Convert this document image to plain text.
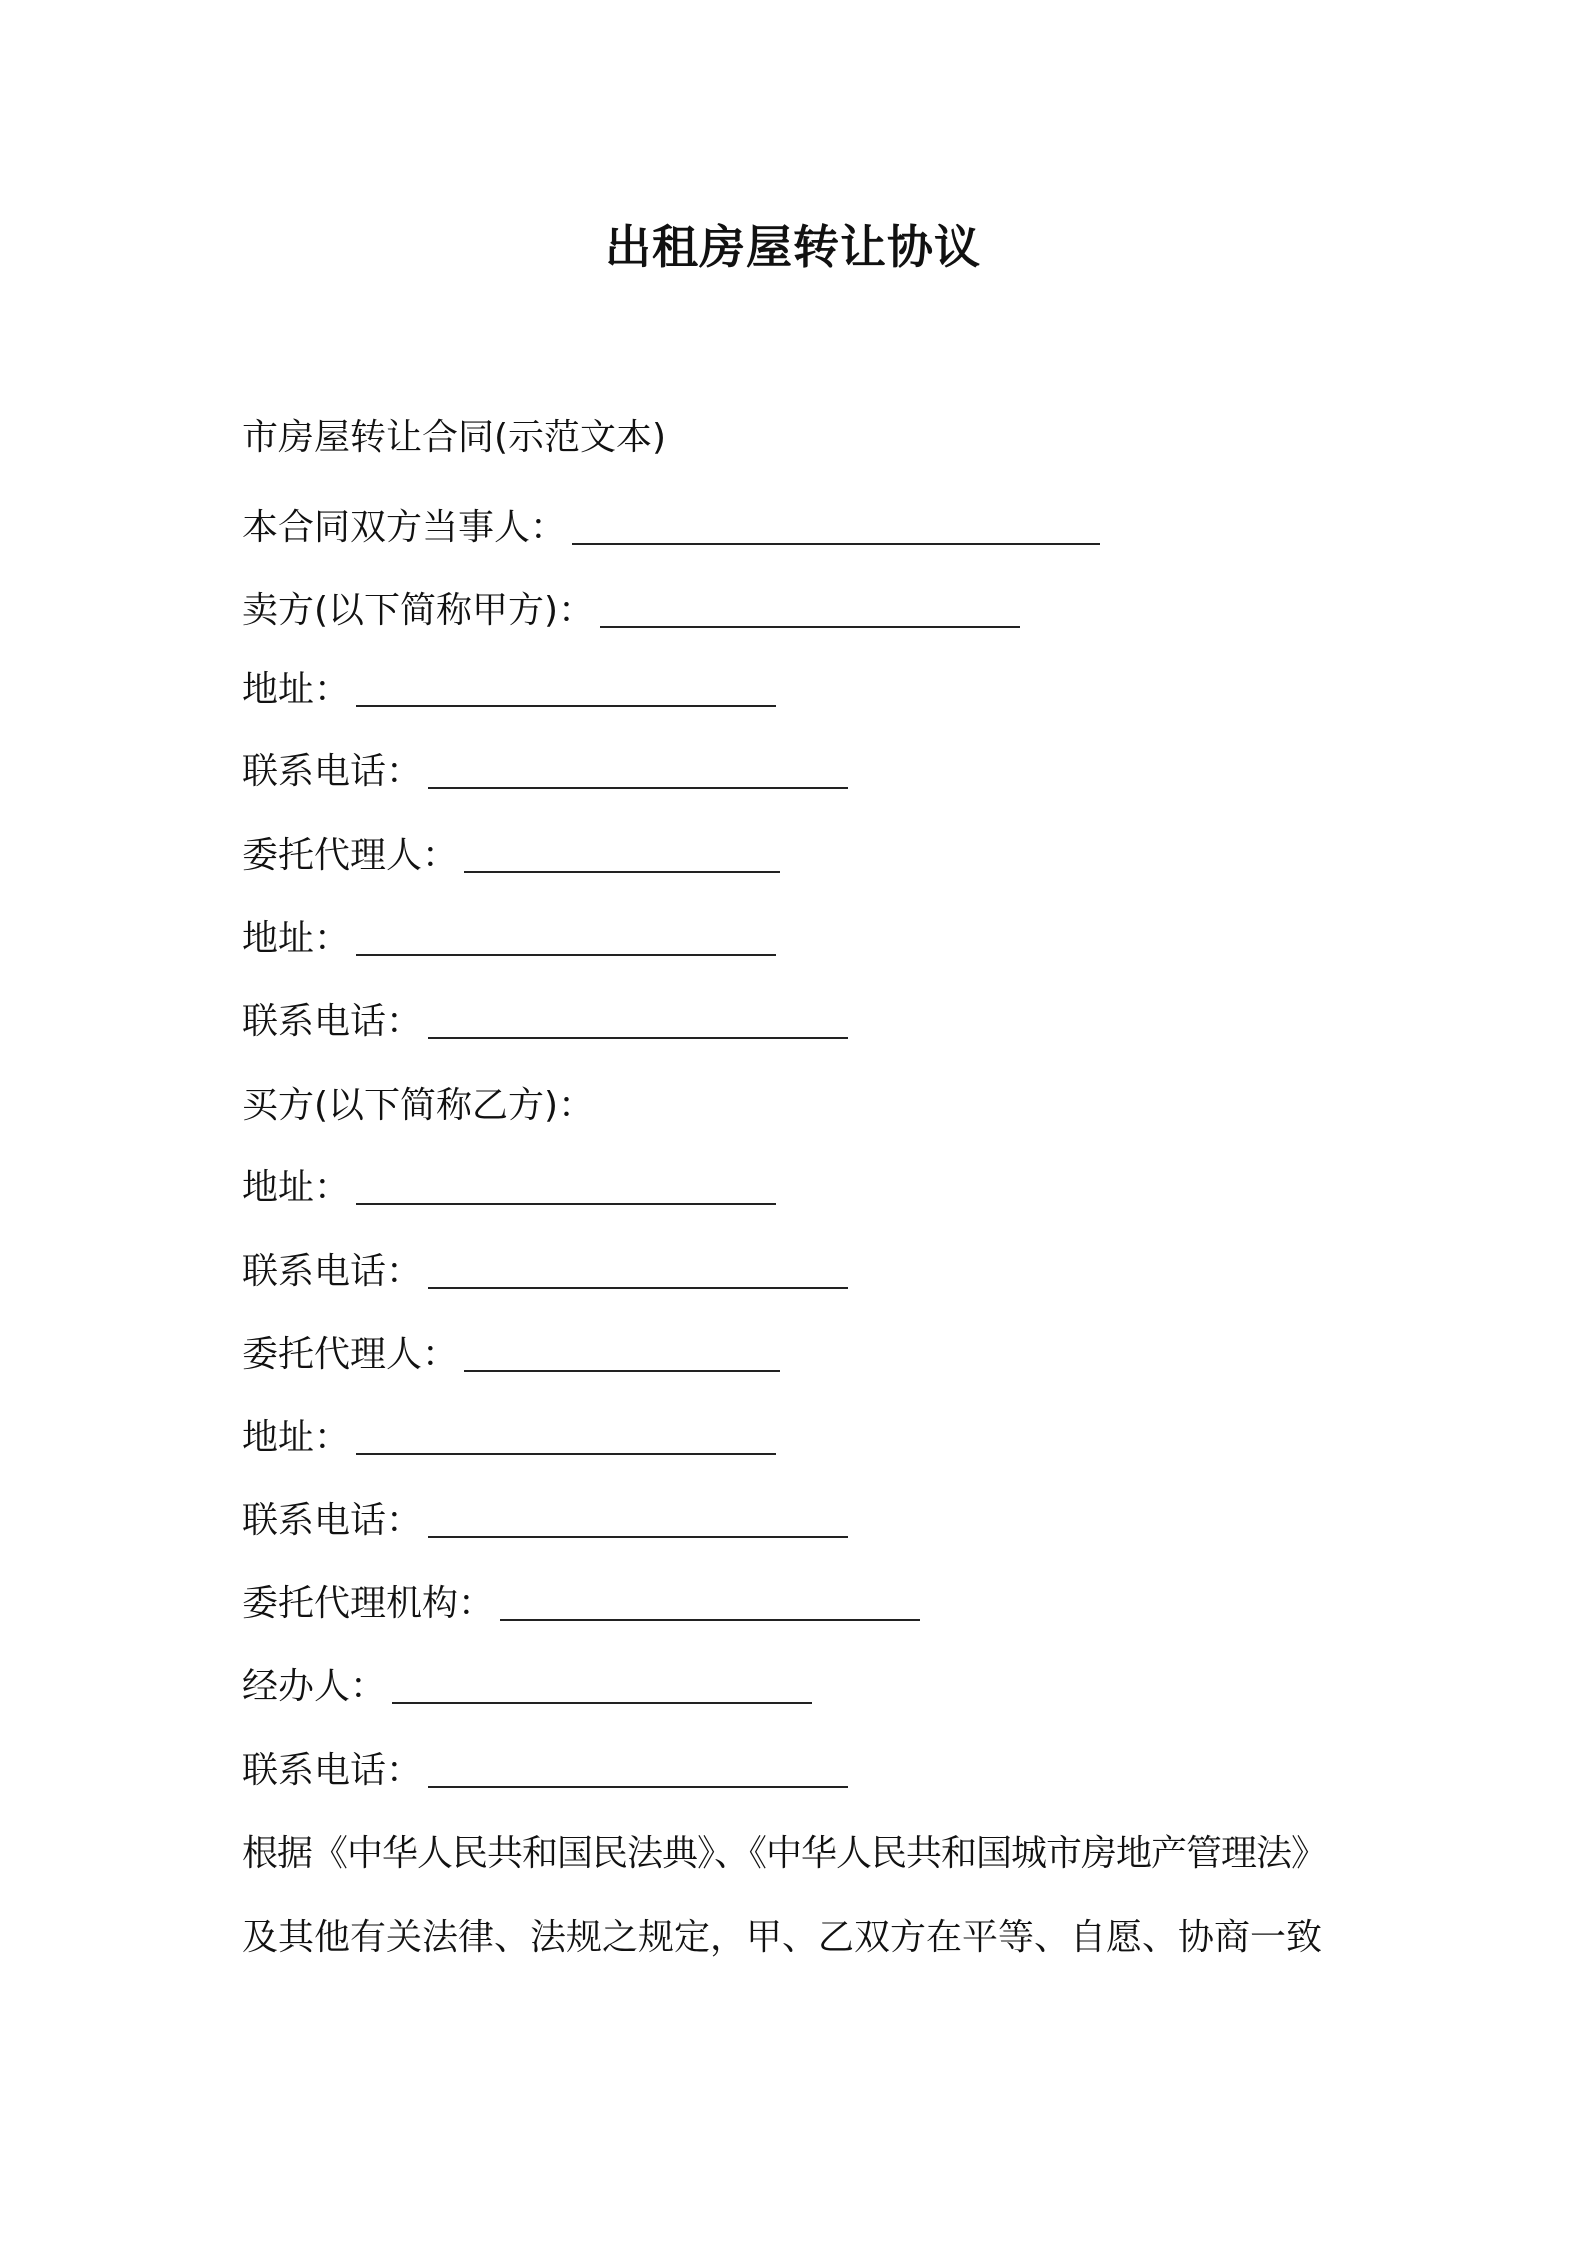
出租房屋转让协议
市房屋转让合同(示范文本)
本合同双方当事人：
卖方(以下简称甲方)：
地址：
联系电话：
委托代理人：
地址：
联系电话：
买方(以下简称乙方)：
地址：
联系电话：
委托代理人：
地址：
联系电话：
委托代理机构：
经办人：
联系电话：
根据《中华人民共和国民法典》、《中华人民共和国城市房地产管理法》
及其他有关法律、法规之规定，甲、乙双方在平等、自愿、协商一致
